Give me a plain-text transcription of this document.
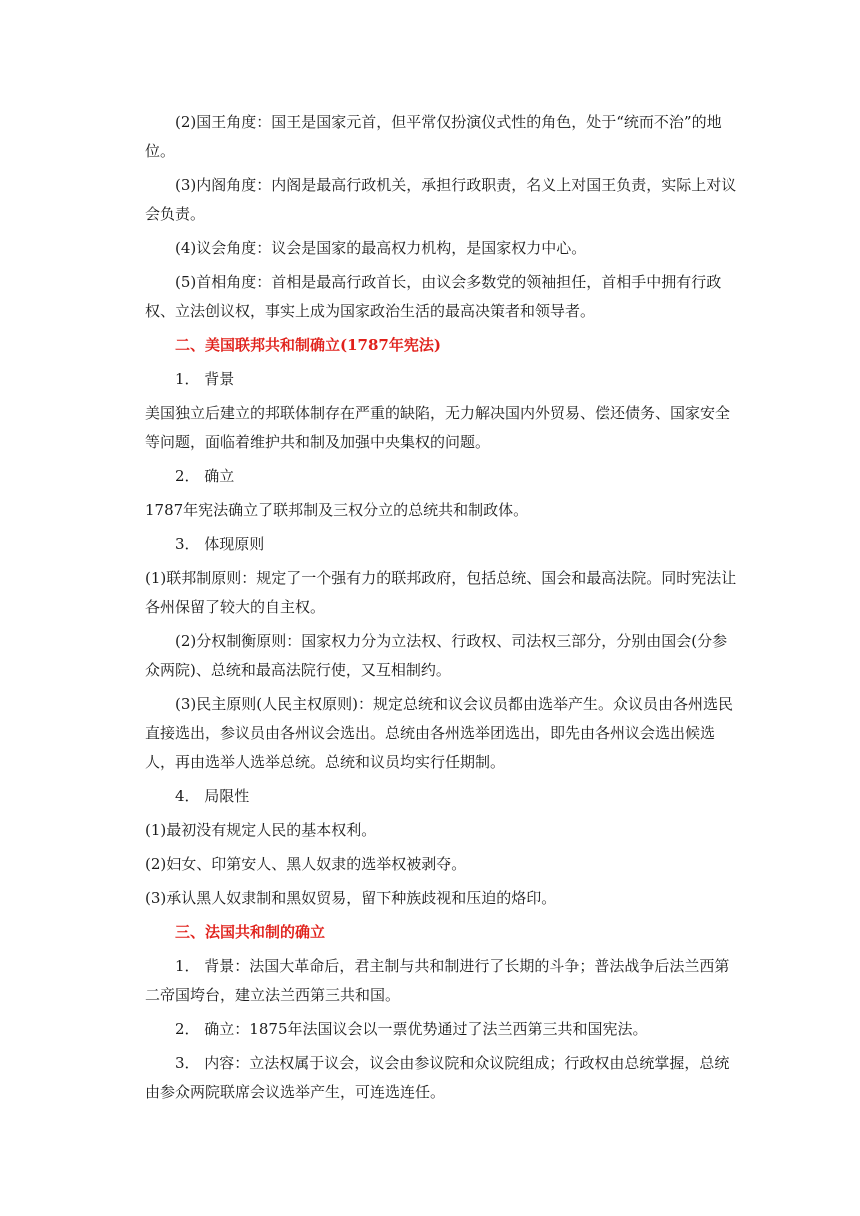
(2)国王角度：国王是国家元首，但平常仅扮演仪式性的角色，处于“统而不治”的地位。

(3)内阁角度：内阁是最高行政机关，承担行政职责，名义上对国王负责，实际上对议会负责。

(4)议会角度：议会是国家的最高权力机构，是国家权力中心。

(5)首相角度：首相是最高行政首长，由议会多数党的领袖担任，首相手中拥有行政权、立法创议权，事实上成为国家政治生活的最高决策者和领导者。

二、美国联邦共和制确立(1787年宪法)

1． 背景

美国独立后建立的邦联体制存在严重的缺陷，无力解决国内外贸易、偿还债务、国家安全等问题，面临着维护共和制及加强中央集权的问题。

2． 确立

1787年宪法确立了联邦制及三权分立的总统共和制政体。

3． 体现原则

(1)联邦制原则：规定了一个强有力的联邦政府，包括总统、国会和最高法院。同时宪法让各州保留了较大的自主权。

(2)分权制衡原则：国家权力分为立法权、行政权、司法权三部分，分别由国会(分参众两院)、总统和最高法院行使，又互相制约。

(3)民主原则(人民主权原则)：规定总统和议会议员都由选举产生。众议员由各州选民直接选出，参议员由各州议会选出。总统由各州选举团选出，即先由各州议会选出候选人，再由选举人选举总统。总统和议员均实行任期制。

4． 局限性

(1)最初没有规定人民的基本权利。

(2)妇女、印第安人、黑人奴隶的选举权被剥夺。

(3)承认黑人奴隶制和黑奴贸易，留下种族歧视和压迫的烙印。

三、法国共和制的确立

1． 背景：法国大革命后，君主制与共和制进行了长期的斗争；普法战争后法兰西第二帝国垮台，建立法兰西第三共和国。

2． 确立：1875年法国议会以一票优势通过了法兰西第三共和国宪法。

3． 内容：立法权属于议会，议会由参议院和众议院组成；行政权由总统掌握，总统由参众两院联席会议选举产生，可连选连任。
